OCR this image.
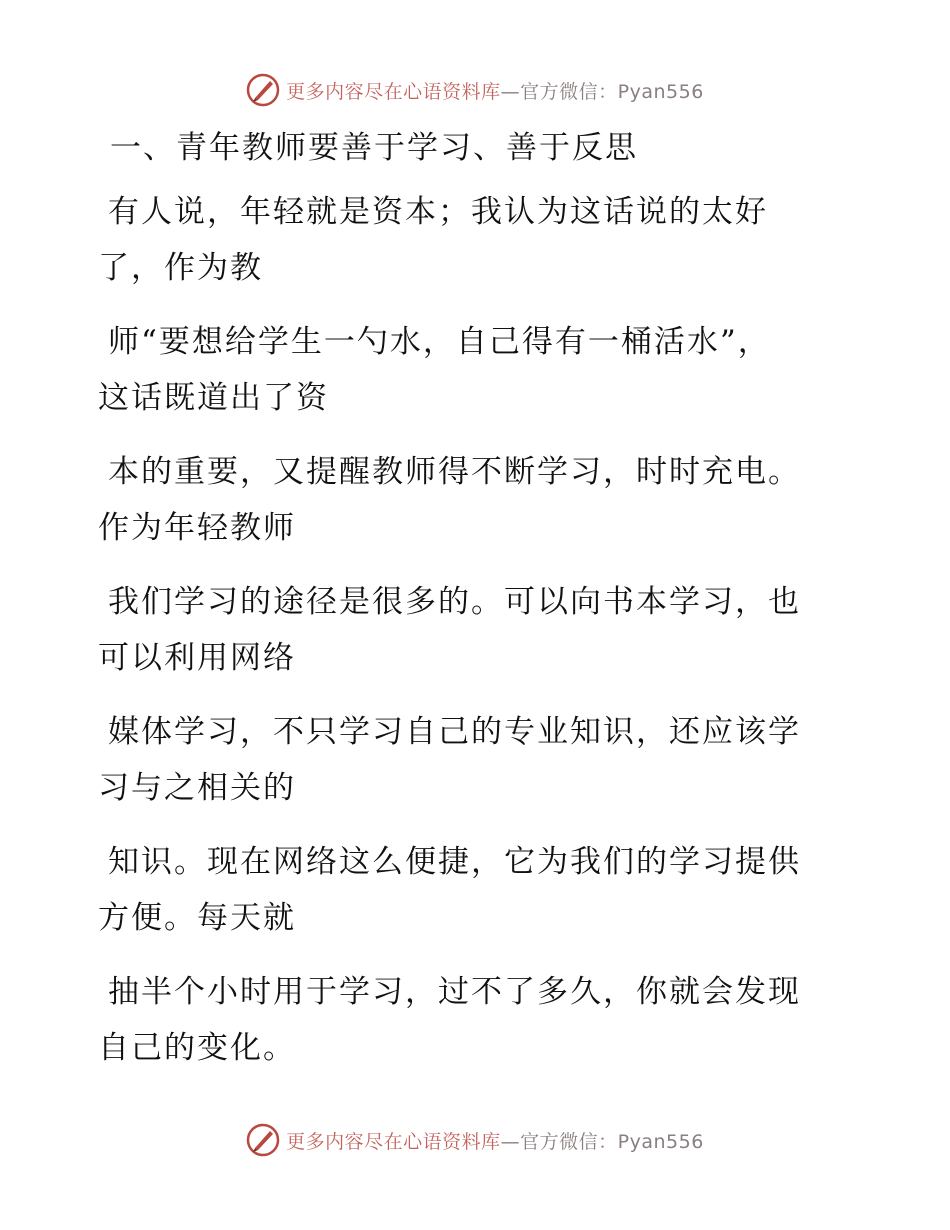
更多内容尽在心语资料库—官方微信：Pyan556
一、青年教师要善于学习、善于反思
有人说，年轻就是资本；我认为这话说的太好
了，作为教
师“要想给学生一勺水，自己得有一桶活水”，
这话既道出了资
本的重要，又提醒教师得不断学习，时时充电。
作为年轻教师
我们学习的途径是很多的。可以向书本学习，也
可以利用网络
媒体学习，不只学习自己的专业知识，还应该学
习与之相关的
知识。现在网络这么便捷，它为我们的学习提供
方便。每天就
抽半个小时用于学习，过不了多久，你就会发现
自己的变化。
更多内容尽在心语资料库—官方微信：Pyan556
